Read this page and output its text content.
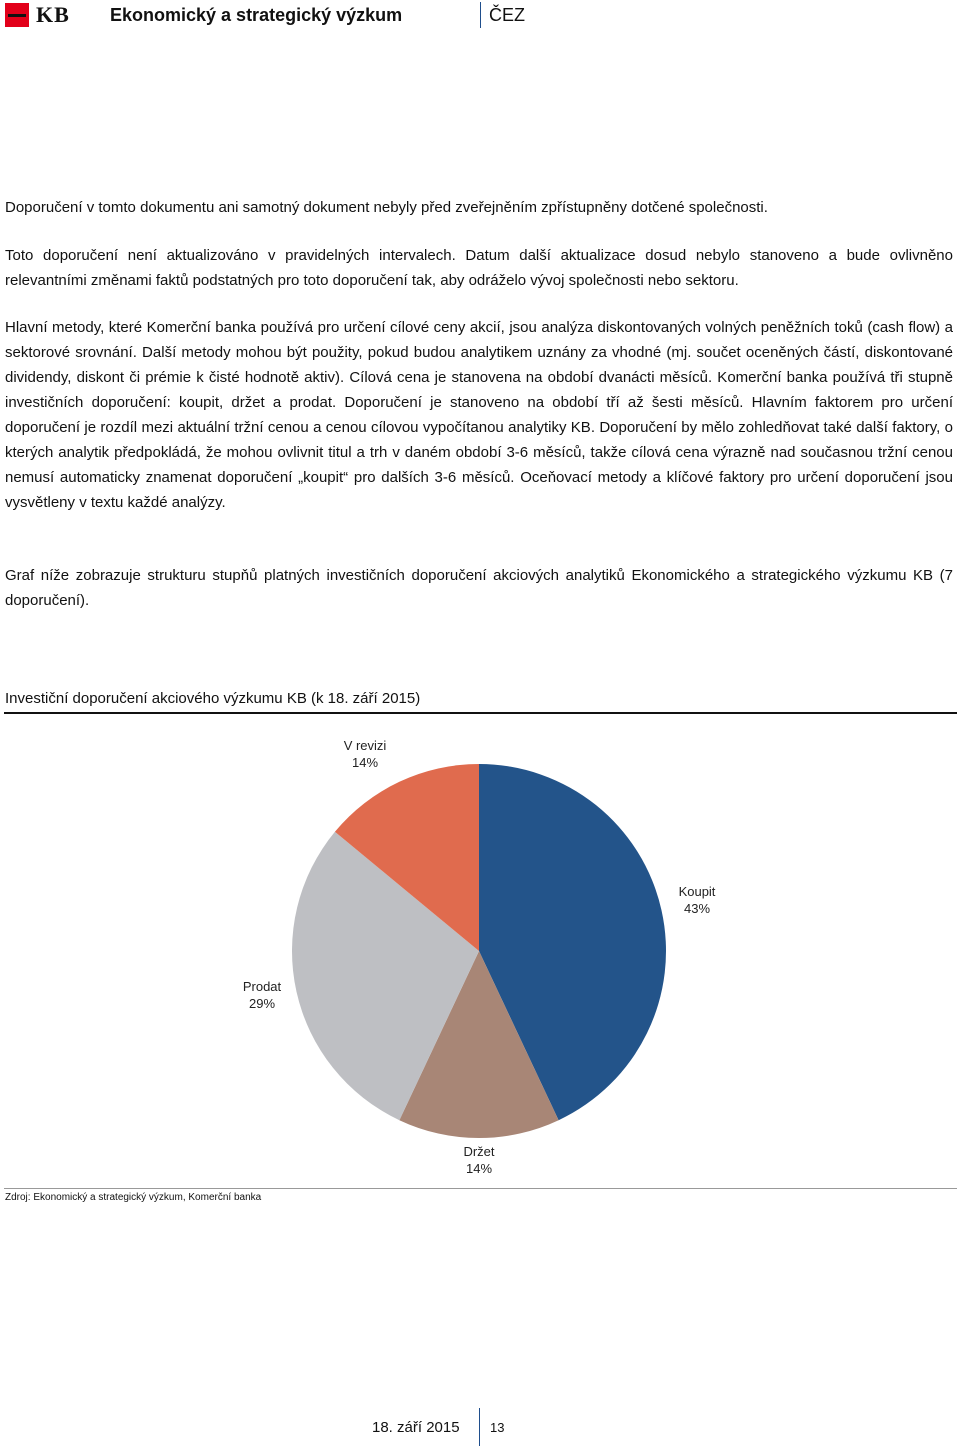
KB Ekonomický a strategický výzkum	ČEZ

Doporučení v tomto dokumentu ani samotný dokument nebyly před zveřejněním zpřístupněny dotčené společnosti.

Toto doporučení není aktualizováno v pravidelných intervalech. Datum další aktualizace dosud nebylo stanoveno a bude ovlivněno relevantními změnami faktů podstatných pro toto doporučení tak, aby odráželo vývoj společnosti nebo sektoru.

Hlavní metody, které Komerční banka používá pro určení cílové ceny akcií, jsou analýza diskontovaných volných peněžních toků (cash flow) a sektorové srovnání. Další metody mohou být použity, pokud budou analytikem uznány za vhodné (mj. součet oceněných částí, diskontované dividendy, diskont či prémie k čisté hodnotě aktiv). Cílová cena je stanovena na období dvanácti měsíců. Komerční banka používá tři stupně investičních doporučení: koupit, držet a prodat. Doporučení je stanoveno na období tří až šesti měsíců. Hlavním faktorem pro určení doporučení je rozdíl mezi aktuální tržní cenou a cenou cílovou vypočítanou analytiky KB. Doporučení by mělo zohledňovat také další faktory, o kterých analytik předpokládá, že mohou ovlivnit titul a trh v daném období 3-6 měsíců, takže cílová cena výrazně nad současnou tržní cenou nemusí automaticky znamenat doporučení „koupit“ pro dalších 3-6 měsíců. Oceňovací metody a klíčové faktory pro určení doporučení jsou vysvětleny v textu každé analýzy.

Graf níže zobrazuje strukturu stupňů platných investičních doporučení akciových analytiků Ekonomického a strategického výzkumu KB (7 doporučení).

Investiční doporučení akciového výzkumu KB (k 18. září 2015)
Koupit
43%
Držet
14%
Prodat
29%
V revizi
14%
Zdroj: Ekonomický a strategický výzkum, Komerční banka
18. září 2015 13
